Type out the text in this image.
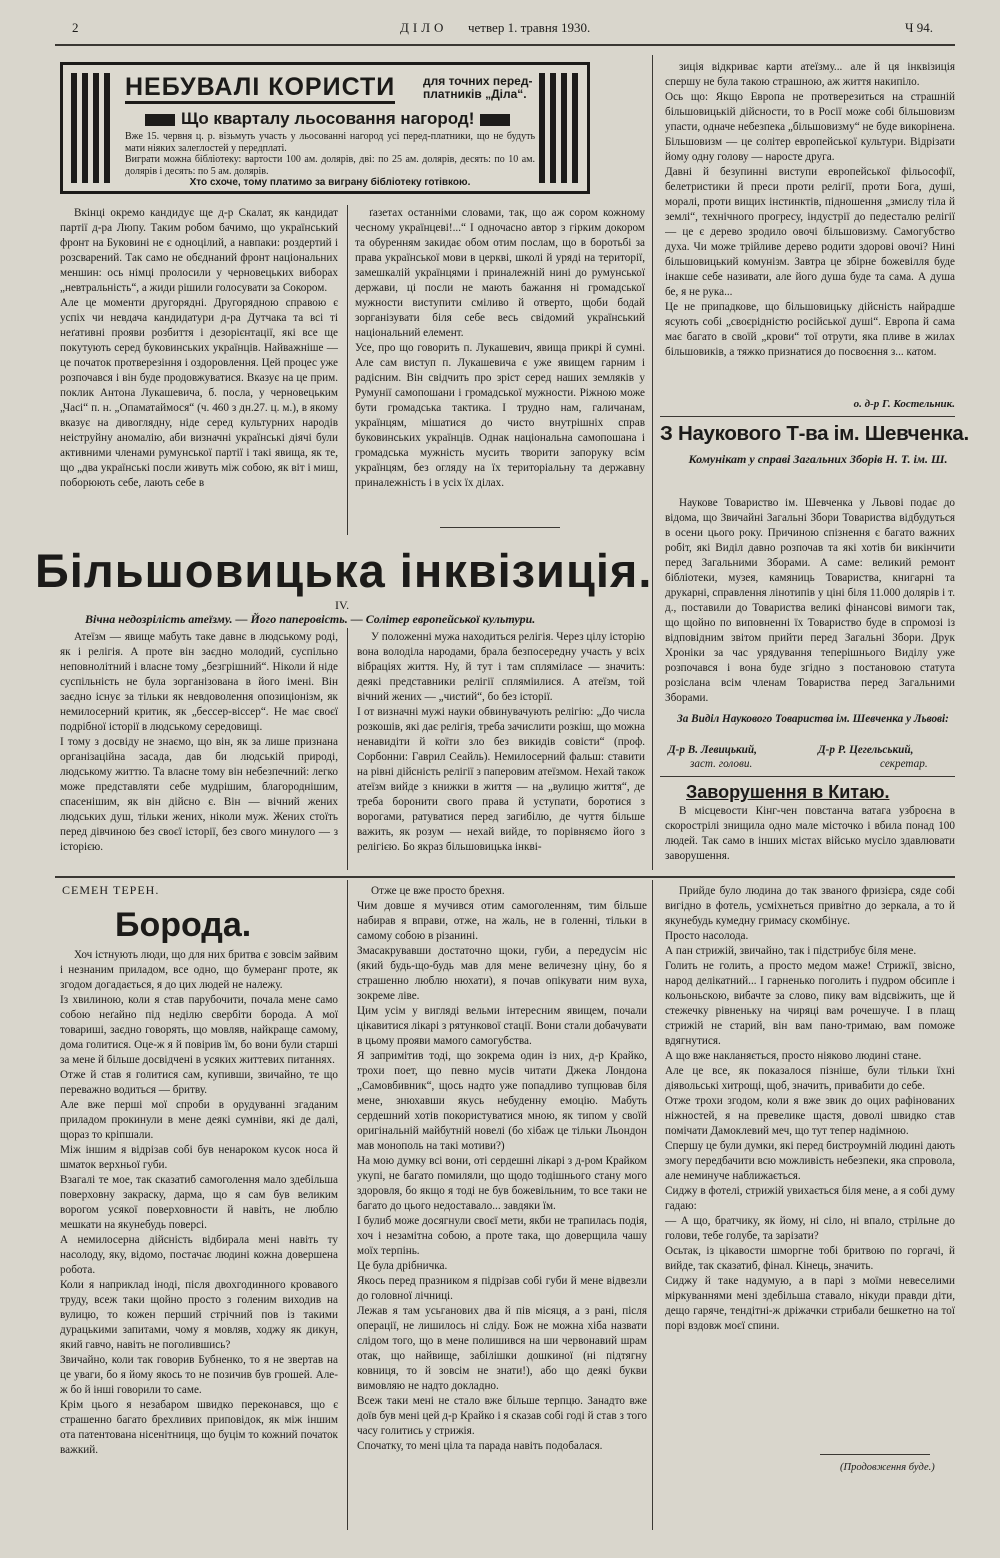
2	ДІЛО четвер 1. травня 1930.	Ч 94.
НЕБУВАЛІ КОРИСТИ для точних перед-
платників „Діла“.
Що кварталу льосовання нагород!
Вже 15. червня ц. р. візьмуть участь у льосованні нагород усі перед-платники, що не будуть мати ніяких залеглостей у передплаті.
Виграти можна бібліотеку: вартости 100 ам. долярів, дві: по 25 ам. долярів, десять: по 10 ам. долярів і десять: по 5 ам. долярів.
Хто схоче, тому платимо за виграну бібліотеку готівкою.
Вкінці окремо кандидує ще д-р Скалат, як кандидат партії д-ра Люпу. Таким робом бачимо, що український фронт на Буковині не є одноцілий, а навпаки: роздертий і розсварений. Так само не обєднаний фронт національних меншин: ось німці пролосили у черновецьких виборах „невтральність“, а жиди рішили голосувати за Сокором.
Але це моменти другорядні. Другорядною справою є успіх чи невдача кандидатури д-ра Дутчака та всі ті неґативні прояви розбиття і дезорієнтації, які все ще покутують серед буковинських українців. Найважніше — це початок протверезіння і оздоровлення. Цей процес уже розпочався і він буде продовжуватися. Вказує на це прим. поклик Антона Лукашевича, б. посла, у черновецьким „Часі“ п. н. „Опаматаймося“ (ч. 460 з дн.27. ц. м.), в якому вказує на дивоглядну, ніде серед культурних народів неіструйну аномалію, аби визначні українські діячі були активними членами румунської партії і такі явища, як те, що „два українські посли живуть між собою, як віт і миш, поборюють себе, лають себе в
ґазетах останніми словами, так, що аж сором кожному чесному українцеві!...“ І одночасно автор з гірким докором та обуренням закидає обом отим послам, що в боротьбі за права української мови в церкві, школі й уряді на території, замешкалій українцями і приналежній нині до румунської держави, ці посли не мають бажання ні громадської мужности виступити сміливо й отверто, щоби бодай зорганізувати біля себе весь свідомий український національний елемент.
Усе, про що говорить п. Лукашевич, явища прикрі й сумні. Але сам виступ п. Лукашевича є уже явищем гарним і радісним. Він свідчить про зріст серед наших земляків у Румунії самопошани і громадської мужности. Ріжною може бути громадська тактика. І трудно нам, галичанам, українцям, мішатися до чисто внутрішніх справ буковинських українців. Однак національна самопошана і громадська мужність мусить творити запоруку всім українцям, без огляду на їх територіальну та державну приналежність і в усіх їх ділах.
зиція відкриває карти атеїзму... але й ця інквізиція спершу не була такою страшною, аж життя накипіло.
Ось що: Якщо Европа не протверезиться на страшній більшовицькій дійсности, то в Росії може собі більшовизм упасти, одначе небезпека „більшовизму“ не буде викорінена. Більшовизм — це солітер европейської культури. Відрізати йому одну голову — наросте друга.
Давні й безупинні виступи европейської фільософії, белетристики й преси проти релігії, проти Бога, душі, моралі, проти вищих інстинктів, підношення „змислу тіла й землі“, технічного прогресу, індустрії до педесталю релігії — це є дерево зродило овочі більшовизму. Самогубство духа. Чи може трійливе дерево родити здорові овочі? Нині більшовицький комунізм. Завтра це збірне божевілля буде інакше себе називати, але його душа буде та сама. А душа бе, я не рука...
Це не припадкове, що більшовицьку дійсність найрадше ясують собі „своєрідністю російської душі“. Европа й сама має багато в своїй „крови“ тої отрути, яка пливе в жилах більшовиків, а тяжко признатися до посвоєння з... катом.
о. д-р Г. Костельник.
З Наукового Т-ва ім. Шевченка.
Комунікат у справі Загальних Зборів Н. Т. ім. Ш.
Наукове Товариство ім. Шевченка у Львові подає до відома, що Звичайні Загальні Збори Товариства відбудуться в осени цього року. Причиною спізнення є багато важних робіт, які Виділ давно розпочав та які хотів би викінчити перед Загальними Зборами. А саме: великий ремонт бібліотеки, музея, камяниць Товариства, книгарні та друкарні, справлення лінотипів у ціні біля 11.000 долярів і т. д., поставили до Товариства великі фінансові вимоги так, що щойно по виповненні їх Товариство буде в спромозі із відповідним звітом прийти перед Загальні Збори. Друк Хроніки за час урядування теперішнього Виділу уже розпочався і вона буде згідно з постановою статута розіслана всім членам Товариства перед Загальними Зборами.
За Виділ Наукового Товариства ім. Шевченка у Львові:
Д-р В. Левицький,
заст. голови.
Д-р Р. Цегельський,
секретар.
Заворушення в Китаю.
В місцевости Кінг-чен повстанча ватага узброєна в скорострілі знищила одно мале місточко і вбила понад 100 людей. Так само в інших містах військо мусіло здавлювати заворушення.
Більшовицька інквізиція.
IV.
Вічна недозрілість атеїзму. — Його паперовість. — Солітер европейської культури.
Атеїзм — явище мабуть таке давнє в людському роді, як і релігія. А проте він заєдно молодий, суспільно неповнолітний і власне тому „безгрішний“. Ніколи й ніде суспільність не була зорганізована в його імені. Він заєдно існує за тільки як невдоволення опозиціонізм, як немилосерний критик, як „бессер-віссер“. Не має своєї подрібної історії в людському середовищі.
І тому з досвіду не знаємо, що він, як за лише признана організаційна засада, дав би людській природі, людському життю. Та власне тому він небезпечний: легко може представляти себе мудрішим, благороднішим, спасенішим, як він дійсно є. Він — вічний жених людських душ, тільки жених, ніколи муж. Жених стоїть перед дівчиною без своєї історії, без свого минулого — з історією.
У положенні мужа находиться релігія. Через цілу історію вона володіла народами, брала безпосередну участь у всіх вібраціях життя. Ну, й тут і там спляміласе — значить: деякі представники релігії спляміилися. А атеїзм, той вічний жених — „чистий“, бо без історії.
І от визначні мужі науки обвинувачують релігію: „До числа розкошів, які дає релігія, треба зачислити розкіш, що можна ненавидіти й коїти зло без викидів совісти“ (проф. Сорбонни: Гаврил Сеайль). Немилосерний фальш: ставити на рівні дійсність релігії з паперовим атеїзмом. Нехай також атеїзм вийде з книжки в життя — на „вулицю життя“, де треба боронити свого права й уступати, боротися з ворогами, ратуватися перед загибілю, де чуття більше важить, як розум — нехай вийде, то порівняємо його з релігією. Бо якраз більшовицька інкві-
СЕМЕН ТЕРЕН.
Борода.
Хоч істнують люди, що для них бритва є зовсім зайвим і незнаним приладом, все одно, що бумеранг проте, як згодом догадається, я до цих людей не належу.
Із хвилиною, коли я став парубочити, почала мене само собою неґайно під неділю свербіти борода. А мої товариші, заєдно говорять, що мовляв, найкраще самому, дома голитися. Оце-ж я й повірив їм, бо вони були старші за мене й більше досвідчені в усяких життевих питаннях.
Отже й став я голитися сам, купивши, звичайно, те що переважно водиться — бритву.
Але вже перші мої спроби в орудуванні згаданим приладом прокинули в мене деякі сумніви, які де далі, щораз то кріпшали.
Між іншим я відрізав собі був ненароком кусок носа й шматок верхньої губи.
Взагалі те мое, так сказатиб самоголення мало здебільша поверховну закраску, дарма, що я сам був великим ворогом усякої поверховности й навіть, не люблю мешкати на якунебудь поверсі.
А немилосерна дійсність відбирала мені навіть ту насолоду, яку, відомо, постачає людині кожна довершена робота.
Коли я наприклад іноді, після двохгодинного кровавого труду, всеж таки щойно просто з голеним виходив на вулицю, то кожен перший стрічний пов із такими дурацькими запитами, чому я мовляв, ходжу як дикун, який гавчо, навіть не поголившись?
Звичайно, коли так говорив Бубненко, то я не звертав на це уваги, бо я йому якось то не позичив був грошей. Але-ж бо й інші говорили то саме.
Крім цього я незабаром швидко переконався, що є страшенно багато брехливих приповідок, як між іншим ота патентована нісенітниця, що буцім то кожний початок важкий.
Отже це вже просто брехня.
Чим довше я мучився отим самоголенням, тим більше набирав я вправи, отже, на жаль, не в голенні, тільки в самому собою в різанині.
Змасакрувавши достаточно щоки, губи, а передусім ніс (який будь-що-будь мав для мене величезну ціну, бо я страшенно люблю нюхати), я почав опікувати ним вуха, зокреме ліве.
Цим усім у виглядi вельми інтересним явищем, почали цікавитися лікарі з рятункової стації. Вони стали добачувати в цьому прояви мамого самогубства.
Я запримітив тоді, що зокрема один із них, д-р Крайко, трохи поет, що певно мусів читати Джека Лондона „Самовбивник“, щось надто уже попадливо тупцював біля мене, знюхавши якусь небуденну емоцію. Мабуть сердешний хотів покористуватися мною, як типом у своїй оригінальній майбутній новелі (бо хібаж це тільки Льондон мав монополь на такі мотиви?)
На мою думку всі вони, оті сердешні лікарі з д-ром Крайком укупі, не багато помиляли, що щодо тодішнього стану мого здоровля, бо якщо я тоді не був божевільним, то все таки не багато до цього недоставало... завдяки їм.
І булиб може досягнули своєї мети, якби не трапилась подія, хоч і незамітна собою, а проте така, що доверщила чашу моїх терпінь.
Це була дрібничка.
Якось перед празником я підрізав собі губи й мене відвезли до головної лічниці.
Лежав я там усьганових два й пів місяця, а з рані, після операції, не лишилось ні сліду. Бож не можна хіба назвати слідом того, що в мене полишився на ши червонавий шрам отак, що найвище, забілішки дошкиної (ні підтягну ковниця, то й зовсім не знати!), або що деякі букви вимовляю не надто докладно.
Всеж таки мені не стало вже більше терпцю. Занадто вже доїв був мені цей д-р Крайко і я сказав собі годі й став з того часу голитись у стрижія.
Спочатку, то мені ціла та парада навіть подобалася.
Прийде було людина до так званого фризієра, сяде собі вигідно в фотель, усміхнеться привітно до зеркала, а то й якунебудь кумедну гримасу скомбінує.
Просто насолода.
А пан стрижій, звичайно, так і підстрибує біля мене.
Голить не голить, а просто медом маже! Стрижії, звісно, народ делікатний... І гарненько поголить і пудром обсипле і кольоньскою, вибачте за слово, пику вам відсвіжить, ще й стежечку рівненьку на чиряці вам рочешуче. І в плащ стрижій не старий, він вам пано-тримаю, вам поможе вдягнутися.
А що вже накланяється, просто ніяково людині стане.
Але це все, як показалося пізніше, були тільки їхні діявольські хитрощі, щоб, значить, привабити до себе.
Отже трохи згодом, коли я вже звик до оцих рафінованих ніжностей, я на превелике щастя, доволі швидко став помічати Дамоклевий меч, що тут тепер надімною.
Спершу це були думки, які перед бистроумній людині дають змогу передбачити всю можливість небезпеки, яка спровола, але неминуче наближається.
Сиджу в фотелі, стрижій увихається біля мене, а я собі думу гадаю:
— А що, братчику, як йому, ні сіло, ні впало, стрільне до голови, тебе голубе, та зарізати?
Осьтак, із цікавости шморгне тобі бритвою по горгачі, й вийде, так сказатиб, фінал. Кінець, значить.
Сиджу й таке надумую, а в парі з моїми невеселими міркуваннями мені здебільша ставало, нікуди правди діти, дещо гаряче, тендітні-ж дріжачки стрибали бешкетно на тої порі вздовж моєї спини.
(Продовження буде.)
